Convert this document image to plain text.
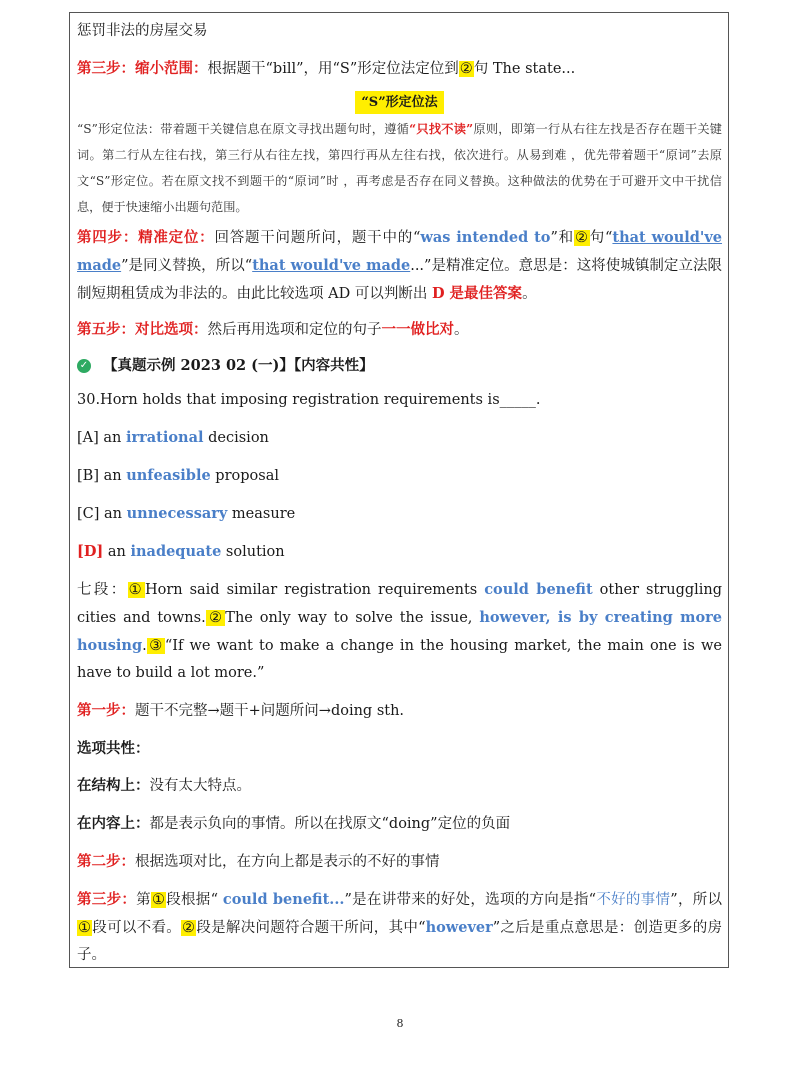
惩罚非法的房屋交易
第三步：缩小范围：根据题干“bill”，用“S”形定位法定位到②句 The state...
“S”形定位法
“S”形定位法：带着题干关键信息在原文寻找出题句时，遵循“只找不读”原则，即第一行从右往左找是否存在题干关键词。第二行从左往右找，第三行从右往左找，第四行再从左往右找，依次进行。从易到难 ，优先带着题干“原词”去原文“S”形定位。若在原文找不到题干的“原词”时 ，再考虑是否存在同义替换。这种做法的优势在于可避开文中干扰信息，便于快速缩小出题句范围。
第四步：精准定位：回答题干问题所问，题干中的“was intended to”和②句“that would've made”是同义替换，所以“that would've made...”是精准定位。意思是：这将使城镇制定立法限制短期租赁成为非法的。由此比较选项 AD 可以判断出 D 是最佳答案。
第五步：对比选项：然后再用选项和定位的句子一一做比对。
✓ 【真题示例 2023 02 (一)】【内容共性】
30.Horn holds that imposing registration requirements is_____.
[A] an irrational decision
[B] an unfeasible proposal
[C] an unnecessary measure
[D] an inadequate solution
七段：①Horn said similar registration requirements could benefit other struggling cities and towns.②The only way to solve the issue, however, is by creating more housing.③“If we want to make a change in the housing market, the main one is we have to build a lot more.”
第一步：题干不完整→题干+问题所问→doing sth.
选项共性：
在结构上：没有太大特点。
在内容上：都是表示负向的事情。所以在找原文“doing”定位的负面
第二步：根据选项对比，在方向上都是表示的不好的事情
第三步：第①段根据“ could benefit...”是在讲带来的好处，选项的方向是指“不好的事情”，所以①段可以不看。②段是解决问题符合题干所问，其中“however”之后是重点意思是：创造更多的房子。
8
